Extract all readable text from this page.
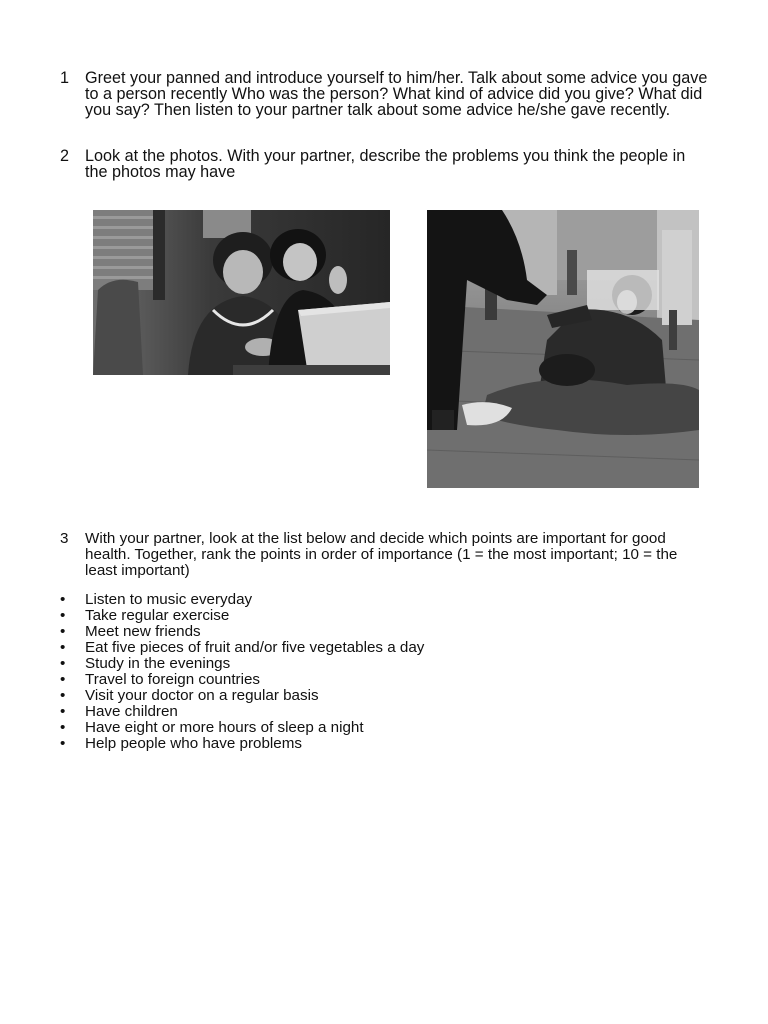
1 Greet your panned and introduce yourself to him/her. Talk about some advice you gave to a person recently Who was the person? What kind of advice did you give? What did you say? Then listen to your partner talk about some advice he/she gave recently.
2 Look at the photos. With your partner, describe the problems you think the people in the photos may have
3 With your partner, look at the list below and decide which points are important for good health. Together, rank the points in order of importance (1 = the most important; 10 = the least important)
• Listen to music everyday
• Take regular exercise
• Meet new friends
• Eat five pieces of fruit and/or five vegetables a day
• Study in the evenings
• Travel to foreign countries
• Visit your doctor on a regular basis
• Have children
• Have eight or more hours of sleep a night
• Help people who have problems
